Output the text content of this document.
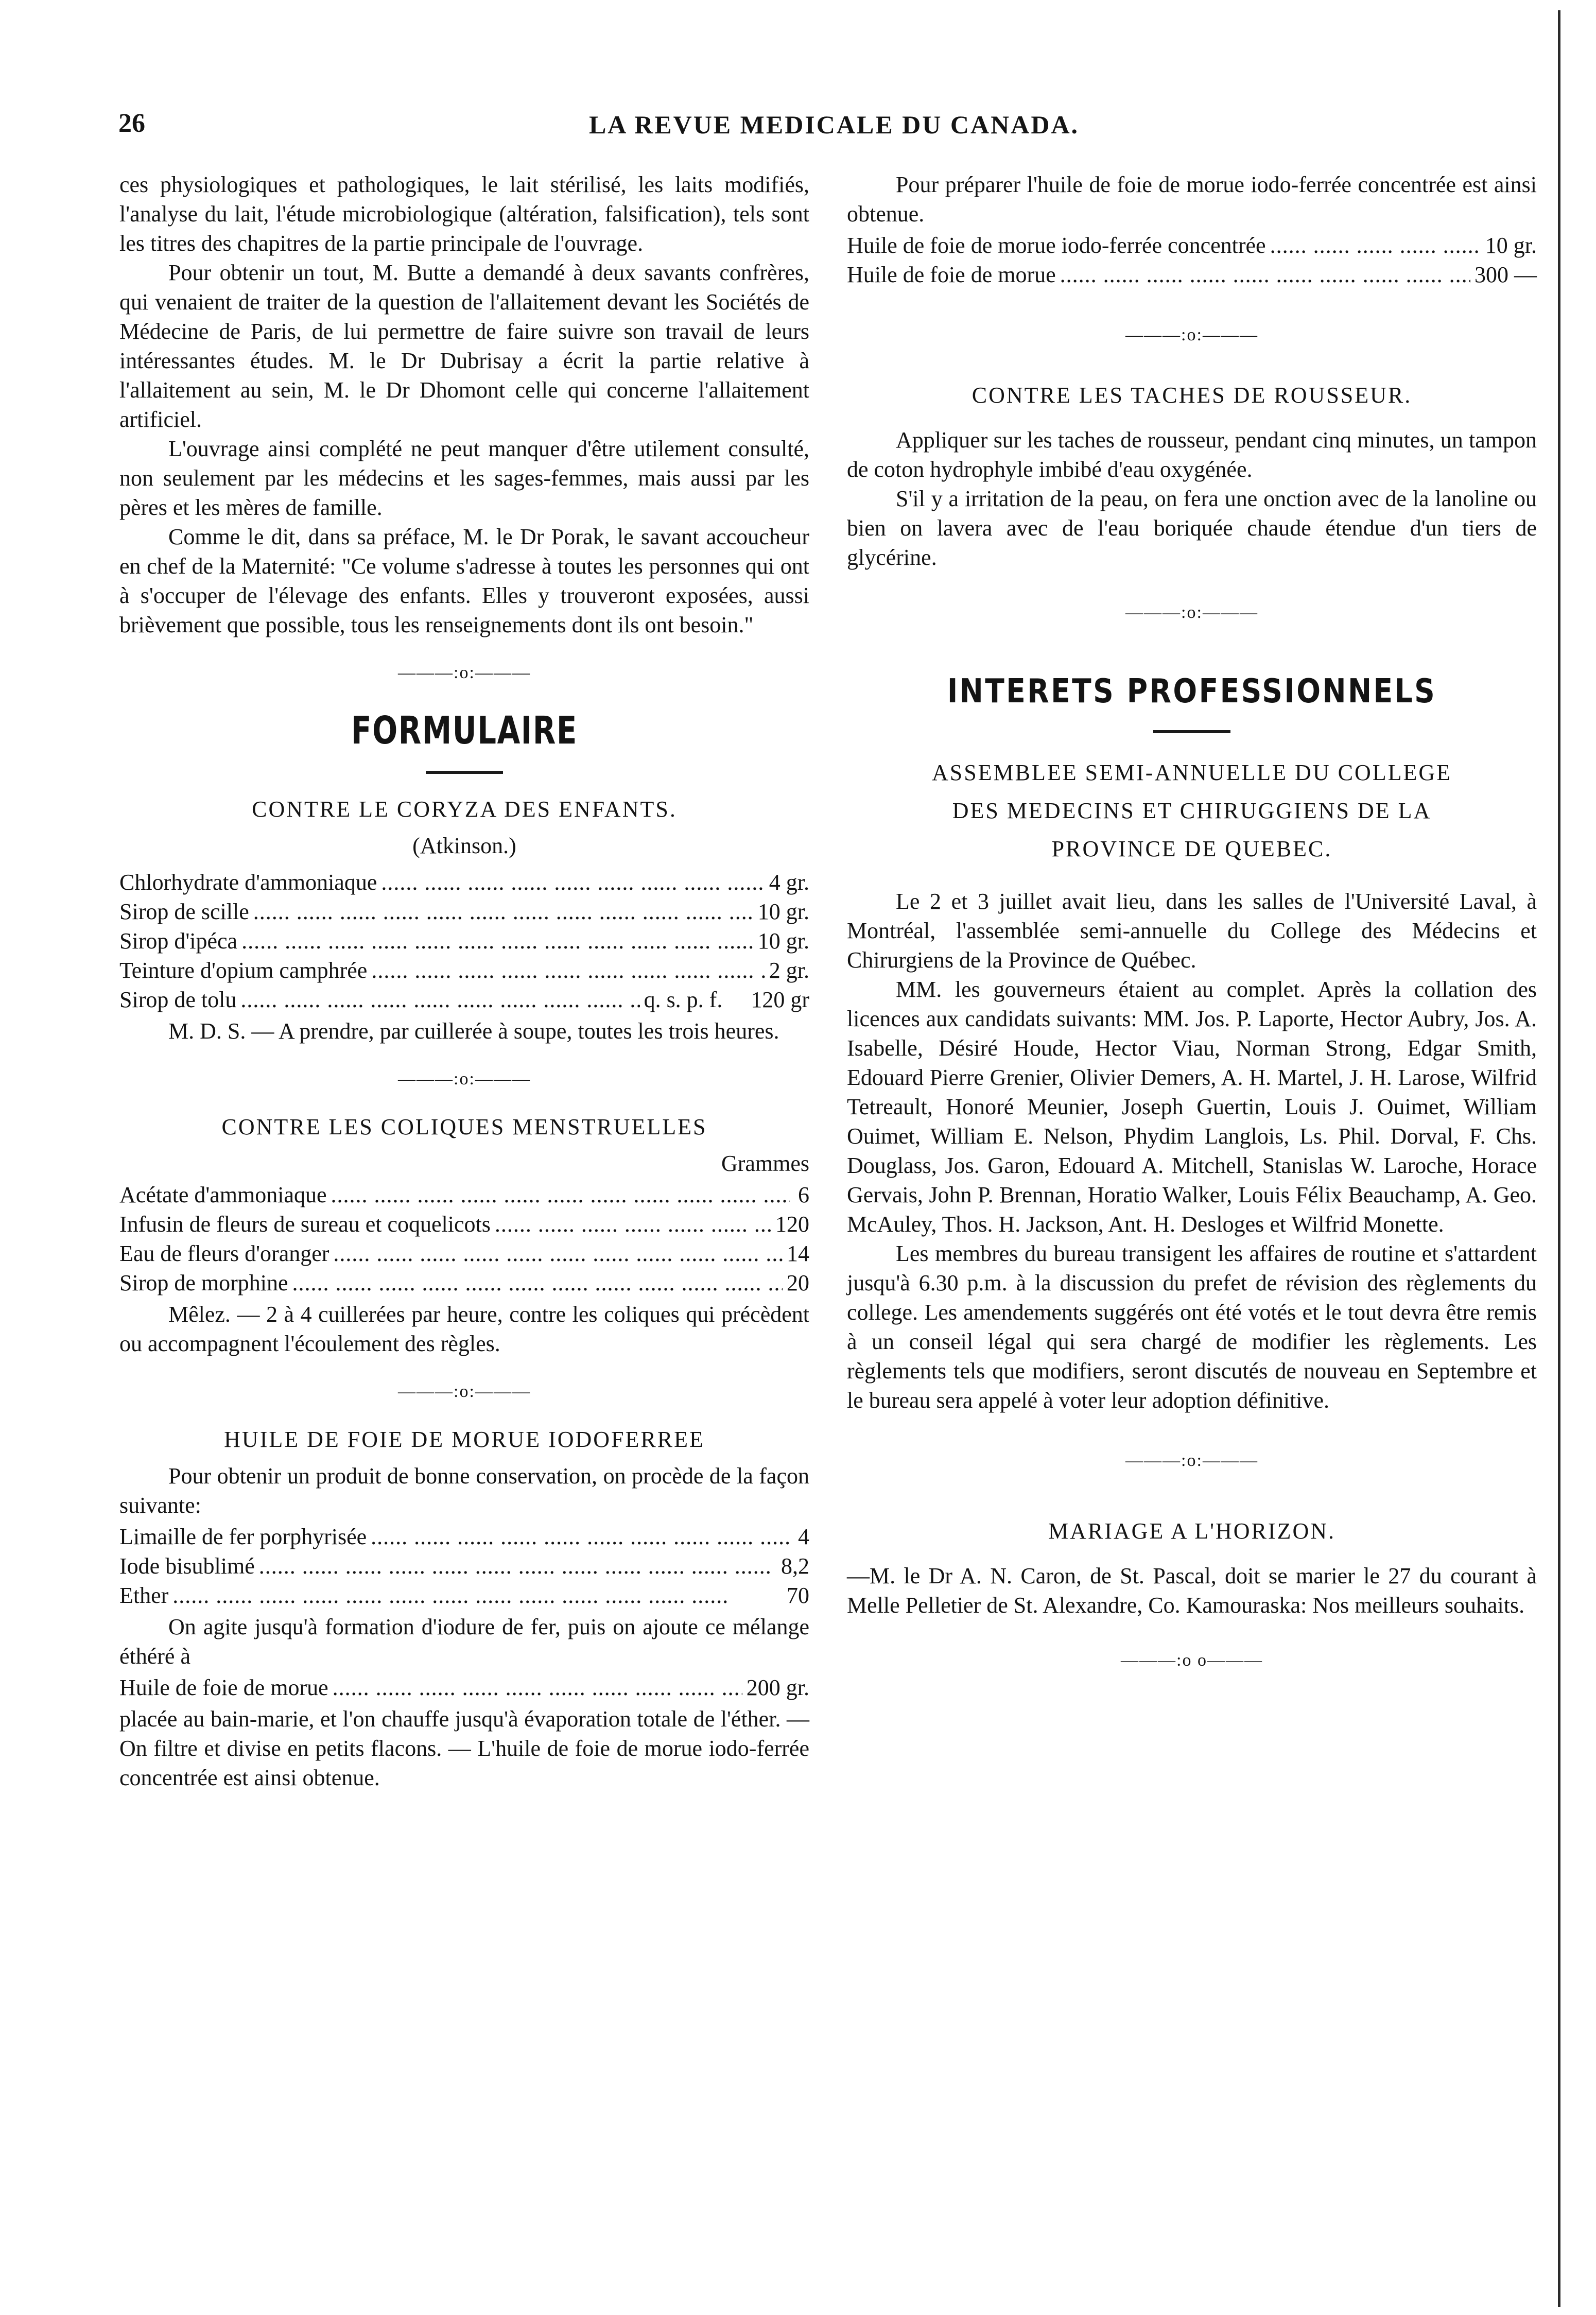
26	LA REVUE MEDICALE DU CANADA.

ces physiologiques et pathologiques, le lait stérilisé, les laits modifiés, l'analyse du lait, l'étude microbiologique (altération, falsification), tels sont les titres des chapitres de la partie principale de l'ouvrage.

Pour obtenir un tout, M. Butte a demandé à deux savants confrères, qui venaient de traiter de la question de l'allaitement devant les Sociétés de Médecine de Paris, de lui permettre de faire suivre son travail de leurs intéressantes études. M. le Dr Dubrisay a écrit la partie relative à l'allaitement au sein, M. le Dr Dhomont celle qui concerne l'allaitement artificiel.

L'ouvrage ainsi complété ne peut manquer d'être utilement consulté, non seulement par les médecins et les sages-femmes, mais aussi par les pères et les mères de famille.

Comme le dit, dans sa préface, M. le Dr Porak, le savant accoucheur en chef de la Maternité: "Ce volume s'adresse à toutes les personnes qui ont à s'occuper de l'élevage des enfants. Elles y trouveront exposées, aussi brièvement que possible, tous les renseignements dont ils ont besoin."

———:o:———
FORMULAIRE
CONTRE LE CORYZA DES ENFANTS.
(Atkinson.)
Chlorhydrate d'ammoniaque .....	4 gr.
Sirop de scille .....	10 gr.
Sirop d'ipéca .....	10 gr.
Teinture d'opium camphrée .....	2 gr.
Sirop de tolu .....	q. s. p. f.     120 gr

M. D. S. — A prendre, par cuillerée à soupe, toutes les trois heures.

———:o:———
CONTRE LES COLIQUES MENSTRUELLES
Grammes
Acétate d'ammoniaque .....	6
Infusin de fleurs de sureau et coquelicots .....	120
Eau de fleurs d'oranger .....	14
Sirop de morphine .....	20

Mêlez. — 2 à 4 cuillerées par heure, contre les coliques qui précèdent ou accompagnent l'écoulement des règles.

———:o:———
HUILE DE FOIE DE MORUE IODOFERREE

Pour obtenir un produit de bonne conservation, on procède de la façon suivante:

Limaille de fer porphyrisée .....	4
Iode bisublimé .....	8,2
Ether .....	70

On agite jusqu'à formation d'iodure de fer, puis on ajoute ce mélange éthéré à

Huile de foie de morue .....	200 gr.

placée au bain-marie, et l'on chauffe jusqu'à évaporation totale de l'éther. — On filtre et divise en petits flacons. — L'huile de foie de morue iodo-ferrée concentrée est ainsi obtenue.

Pour préparer l'huile de foie de morue iodo-ferrée concentrée est ainsi obtenue.

Huile de foie de morue iodo-ferrée concentrée .....	10 gr.
Huile de foie de morue .....	300 —
———:o:———
CONTRE LES TACHES DE ROUSSEUR.

Appliquer sur les taches de rousseur, pendant cinq minutes, un tampon de coton hydrophyle imbibé d'eau oxygénée.

S'il y a irritation de la peau, on fera une onction avec de la lanoline ou bien on lavera avec de l'eau boriquée chaude étendue d'un tiers de glycérine.

———:o:———
INTERETS PROFESSIONNELS
ASSEMBLEE SEMI-ANNUELLE DU COLLEGE
DES MEDECINS ET CHIRUGGIENS DE LA
PROVINCE DE QUEBEC.

Le 2 et 3 juillet avait lieu, dans les salles de l'Université Laval, à Montréal, l'assemblée semi-annuelle du College des Médecins et Chirurgiens de la Province de Québec.

MM. les gouverneurs étaient au complet. Après la collation des licences aux candidats suivants: MM. Jos. P. Laporte, Hector Aubry, Jos. A. Isabelle, Désiré Houde, Hector Viau, Norman Strong, Edgar Smith, Edouard Pierre Grenier, Olivier Demers, A. H. Martel, J. H. Larose, Wilfrid Tetreault, Honoré Meunier, Joseph Guertin, Louis J. Ouimet, William Ouimet, William E. Nelson, Phydim Langlois, Ls. Phil. Dorval, F. Chs. Douglass, Jos. Garon, Edouard A. Mitchell, Stanislas W. Laroche, Horace Gervais, John P. Brennan, Horatio Walker, Louis Félix Beauchamp, A. Geo. McAuley, Thos. H. Jackson, Ant. H. Desloges et Wilfrid Monette.

Les membres du bureau transigent les affaires de routine et s'attardent jusqu'à 6.30 p.m. à la discussion du prefet de révision des règlements du college. Les amendements suggérés ont été votés et le tout devra être remis à un conseil légal qui sera chargé de modifier les règlements. Les règlements tels que modifiers, seront discutés de nouveau en Septembre et le bureau sera appelé à voter leur adoption définitive.

———:o:———
MARIAGE A L'HORIZON.

—M. le Dr A. N. Caron, de St. Pascal, doit se marier le 27 du courant à Melle Pelletier de St. Alexandre, Co. Kamouraska: Nos meilleurs souhaits.

———:o o———
